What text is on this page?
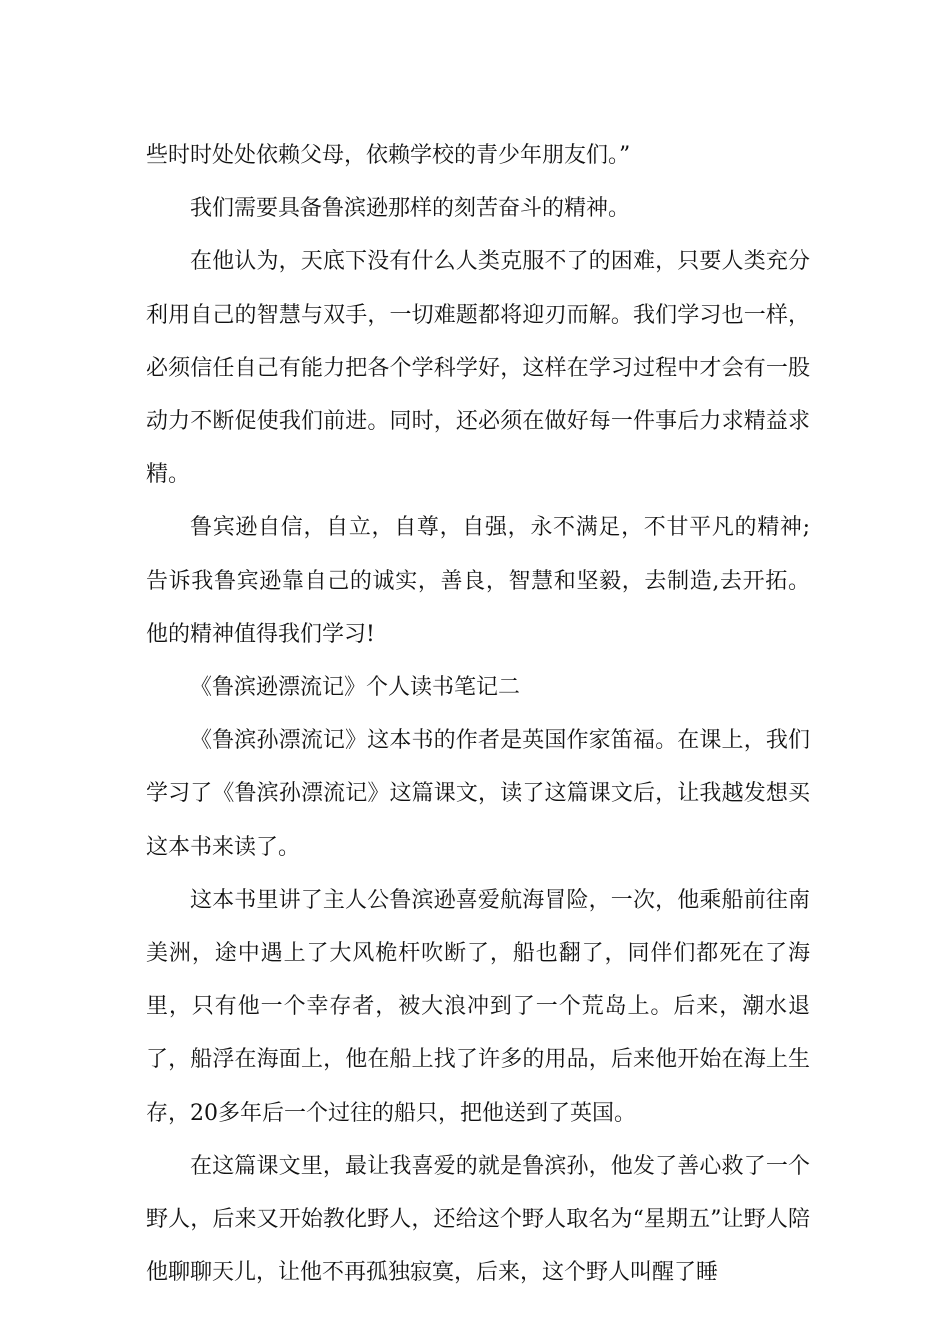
些时时处处依赖父母，依赖学校的青少年朋友们。”

我们需要具备鲁滨逊那样的刻苦奋斗的精神。

在他认为，天底下没有什么人类克服不了的困难，只要人类充分利用自己的智慧与双手，一切难题都将迎刃而解。我们学习也一样，必须信任自己有能力把各个学科学好，这样在学习过程中才会有一股动力不断促使我们前进。同时，还必须在做好每一件事后力求精益求精。

鲁宾逊自信，自立，自尊，自强，永不满足，不甘平凡的精神;告诉我鲁宾逊靠自己的诚实，善良，智慧和坚毅，去制造,去开拓。他的精神值得我们学习!

《鲁滨逊漂流记》个人读书笔记二

《鲁滨孙漂流记》这本书的作者是英国作家笛福。在课上，我们学习了《鲁滨孙漂流记》这篇课文，读了这篇课文后，让我越发想买这本书来读了。

这本书里讲了主人公鲁滨逊喜爱航海冒险，一次，他乘船前往南美洲，途中遇上了大风桅杆吹断了，船也翻了，同伴们都死在了海里，只有他一个幸存者，被大浪冲到了一个荒岛上。后来，潮水退了，船浮在海面上，他在船上找了许多的用品，后来他开始在海上生存，20多年后一个过往的船只，把他送到了英国。

在这篇课文里，最让我喜爱的就是鲁滨孙，他发了善心救了一个野人，后来又开始教化野人，还给这个野人取名为“星期五”让野人陪他聊聊天儿，让他不再孤独寂寞，后来，这个野人叫醒了睡
